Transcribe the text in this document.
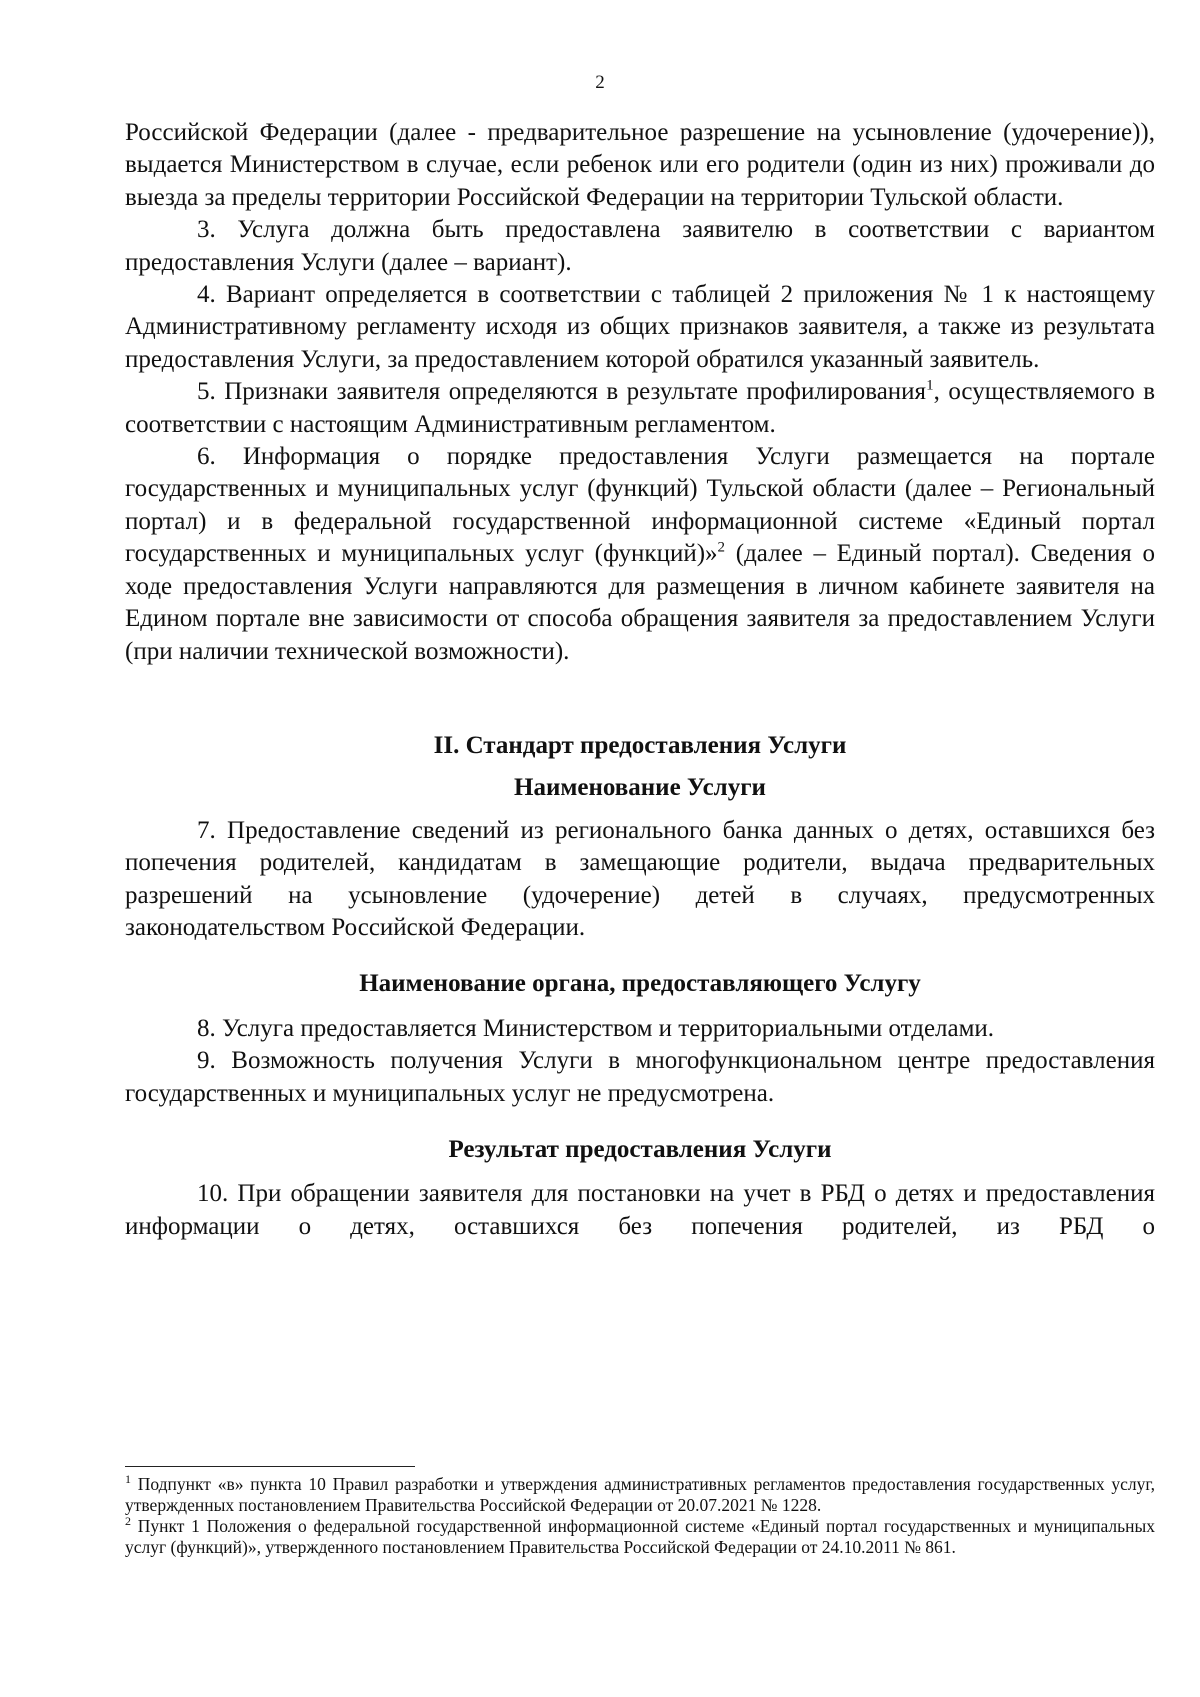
2

Российской Федерации (далее - предварительное разрешение на усыновление (удочерение)), выдается Министерством в случае, если ребенок или его родители (один из них) проживали до выезда за пределы территории Российской Федерации на территории Тульской области.

3. Услуга должна быть предоставлена заявителю в соответствии с вариантом предоставления Услуги (далее – вариант).

4. Вариант определяется в соответствии с таблицей 2 приложения № 1 к настоящему Административному регламенту исходя из общих признаков заявителя, а также из результата предоставления Услуги, за предоставлением которой обратился указанный заявитель.

5. Признаки заявителя определяются в результате профилирования$^1$, осуществляемого в соответствии с настоящим Административным регламентом.

6. Информация о порядке предоставления Услуги размещается на портале государственных и муниципальных услуг (функций) Тульской области (далее – Региональный портал) и в федеральной государственной информационной системе «Единый портал государственных и муниципальных услуг (функций)»$^2$ (далее – Единый портал). Сведения о ходе предоставления Услуги направляются для размещения в личном кабинете заявителя на Едином портале вне зависимости от способа обращения заявителя за предоставлением Услуги (при наличии технической возможности).

II. Стандарт предоставления Услуги

Наименование Услуги

7. Предоставление сведений из регионального банка данных о детях, оставшихся без попечения родителей, кандидатам в замещающие родители, выдача предварительных разрешений на усыновление (удочерение) детей в случаях, предусмотренных законодательством Российской Федерации.

Наименование органа, предоставляющего Услугу

8. Услуга предоставляется Министерством и территориальными отделами.

9. Возможность получения Услуги в многофункциональном центре предоставления государственных и муниципальных услуг не предусмотрена.

Результат предоставления Услуги

10. При обращении заявителя для постановки на учет в РБД о детях и предоставления информации о детях, оставшихся без попечения родителей, из РБД о

$^1$ Подпункт «в» пункта 10 Правил разработки и утверждения административных регламентов предоставления государственных услуг, утвержденных постановлением Правительства Российской Федерации от 20.07.2021 № 1228.

$^2$ Пункт 1 Положения о федеральной государственной информационной системе «Единый портал государственных и муниципальных услуг (функций)», утвержденного постановлением Правительства Российской Федерации от 24.10.2011 № 861.
